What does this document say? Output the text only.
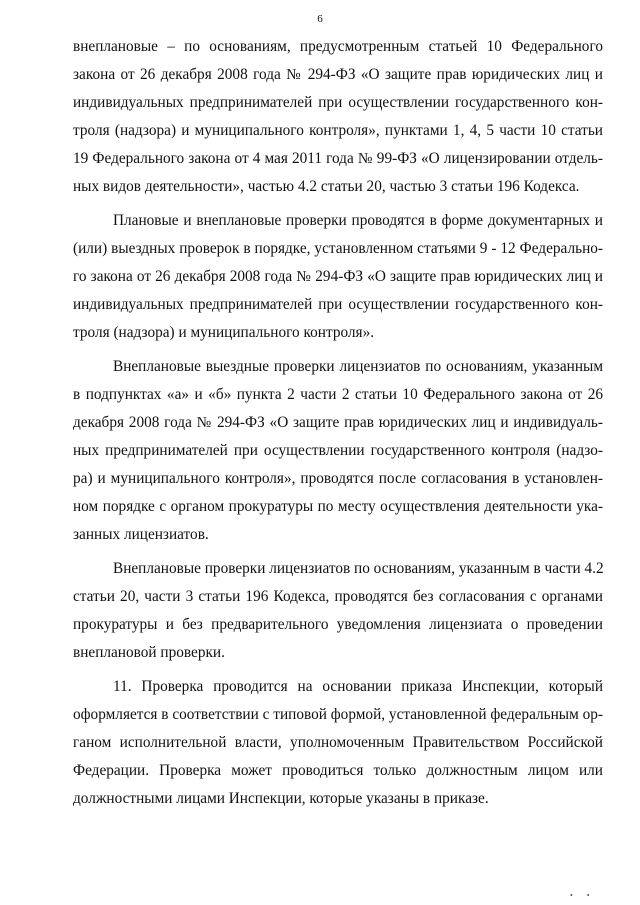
6
внеплановые – по основаниям, предусмотренным статьей 10 Федерального
закона от 26 декабря 2008 года № 294-ФЗ «О защите прав юридических лиц и
индивидуальных предпринимателей при осуществлении государственного кон-
троля (надзора) и муниципального контроля», пунктами 1, 4, 5 части 10 статьи
19 Федерального закона от 4 мая 2011 года № 99-ФЗ «О лицензировании отдель-
ных видов деятельности», частью 4.2 статьи 20, частью 3 статьи 196 Кодекса.
Плановые и внеплановые проверки проводятся в форме документарных и
(или) выездных проверок в порядке, установленном статьями 9 - 12 Федерально-
го закона от 26 декабря 2008 года № 294-ФЗ «О защите прав юридических лиц и
индивидуальных предпринимателей при осуществлении государственного кон-
троля (надзора) и муниципального контроля».
Внеплановые выездные проверки лицензиатов по основаниям, указанным
в подпунктах «а» и «б» пункта 2 части 2 статьи 10 Федерального закона от 26
декабря 2008 года № 294-ФЗ «О защите прав юридических лиц и индивидуаль-
ных предпринимателей при осуществлении государственного контроля (надзо-
ра) и муниципального контроля», проводятся после согласования в установлен-
ном порядке с органом прокуратуры по месту осуществления деятельности ука-
занных лицензиатов.
Внеплановые проверки лицензиатов по основаниям, указанным в части 4.2
статьи 20, части 3 статьи 196 Кодекса, проводятся без согласования с органами
прокуратуры и без предварительного уведомления лицензиата о проведении
внеплановой проверки.
11. Проверка проводится на основании приказа Инспекции, который
оформляется в соответствии с типовой формой, установленной федеральным ор-
ганом исполнительной власти, уполномоченным Правительством Российской
Федерации. Проверка может проводиться только должностным лицом или
должностными лицами Инспекции, которые указаны в приказе.
• •
